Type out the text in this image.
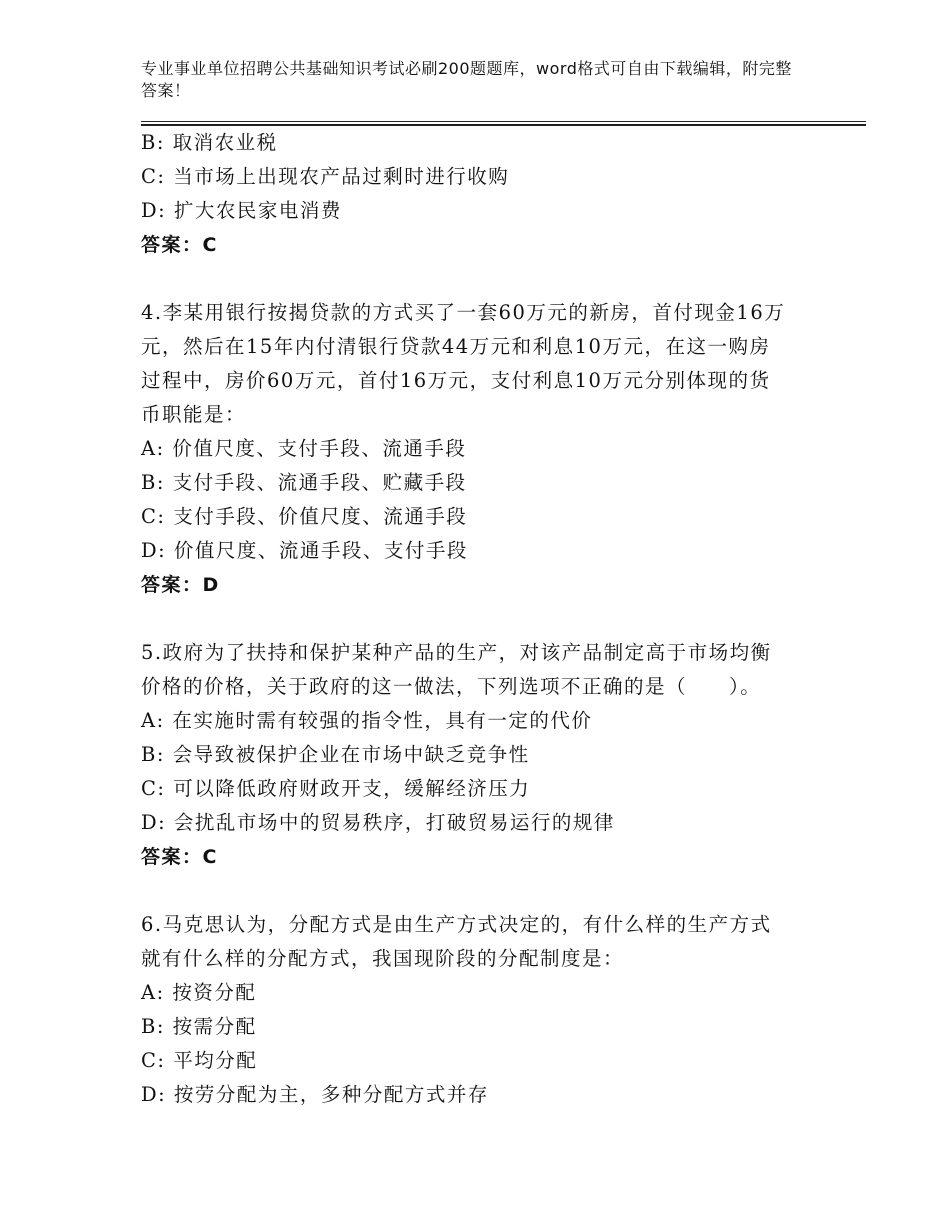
专业事业单位招聘公共基础知识考试必刷200题题库，word格式可自由下载编辑，附完整答案！
B: 取消农业税
C: 当市场上出现农产品过剩时进行收购
D: 扩大农民家电消费
答案：C
4.李某用银行按揭贷款的方式买了一套60万元的新房，首付现金16万
元，然后在15年内付清银行贷款44万元和利息10万元，在这一购房
过程中，房价60万元，首付16万元，支付利息10万元分别体现的货
币职能是：
A: 价值尺度、支付手段、流通手段
B: 支付手段、流通手段、贮藏手段
C: 支付手段、价值尺度、流通手段
D: 价值尺度、流通手段、支付手段
答案：D
5.政府为了扶持和保护某种产品的生产，对该产品制定高于市场均衡
价格的价格，关于政府的这一做法，下列选项不正确的是（　　）。
A: 在实施时需有较强的指令性，具有一定的代价
B: 会导致被保护企业在市场中缺乏竞争性
C: 可以降低政府财政开支，缓解经济压力
D: 会扰乱市场中的贸易秩序，打破贸易运行的规律
答案：C
6.马克思认为，分配方式是由生产方式决定的，有什么样的生产方式
就有什么样的分配方式，我国现阶段的分配制度是：
A: 按资分配
B: 按需分配
C: 平均分配
D: 按劳分配为主，多种分配方式并存
